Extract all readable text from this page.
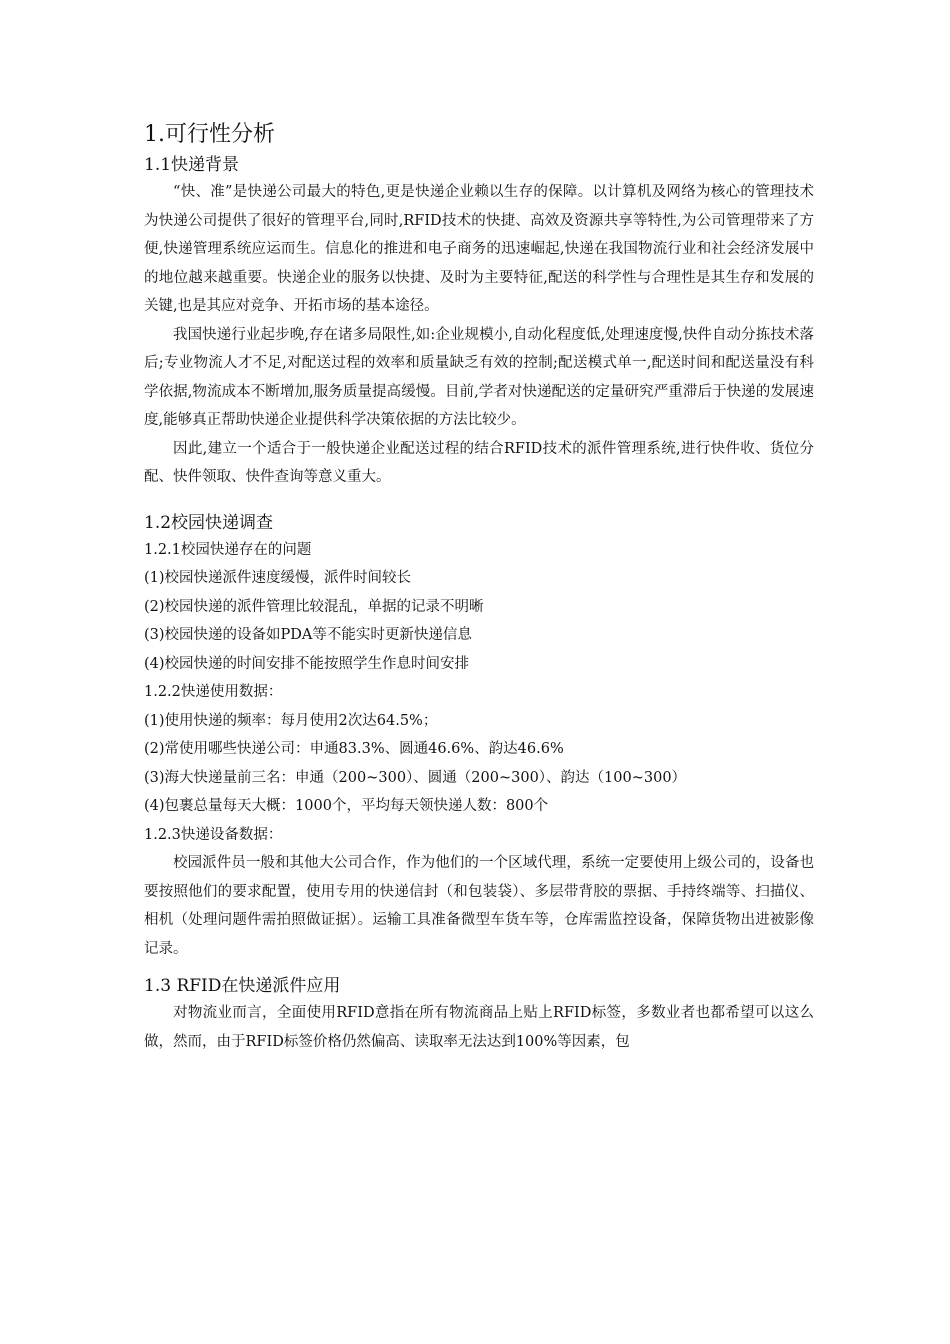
1.可行性分析
1.1快递背景

“快、准”是快递公司最大的特色,更是快递企业赖以生存的保障。以计算机及网络为核心的管理技术为快递公司提供了很好的管理平台,同时,RFID技术的快捷、高效及资源共享等特性,为公司管理带来了方便,快递管理系统应运而生。信息化的推进和电子商务的迅速崛起,快递在我国物流行业和社会经济发展中的地位越来越重要。快递企业的服务以快捷、及时为主要特征,配送的科学性与合理性是其生存和发展的关键,也是其应对竞争、开拓市场的基本途径。

我国快递行业起步晚,存在诸多局限性,如:企业规模小,自动化程度低,处理速度慢,快件自动分拣技术落后;专业物流人才不足,对配送过程的效率和质量缺乏有效的控制;配送模式单一,配送时间和配送量没有科学依据,物流成本不断增加,服务质量提高缓慢。目前,学者对快递配送的定量研究严重滞后于快递的发展速度,能够真正帮助快递企业提供科学决策依据的方法比较少。

因此,建立一个适合于一般快递企业配送过程的结合RFID技术的派件管理系统,进行快件收、货位分配、快件领取、快件查询等意义重大。

1.2校园快递调查
1.2.1校园快递存在的问题
(1)校园快递派件速度缓慢，派件时间较长
(2)校园快递的派件管理比较混乱，单据的记录不明晰
(3)校园快递的设备如PDA等不能实时更新快递信息
(4)校园快递的时间安排不能按照学生作息时间安排
1.2.2快递使用数据：
(1)使用快递的频率：每月使用2次达64.5%；
(2)常使用哪些快递公司：申通83.3%、圆通46.6%、韵达46.6%
(3)海大快递量前三名：申通（200~300）、圆通（200~300）、韵达（100~300）
(4)包裹总量每天大概：1000个，平均每天领快递人数：800个
1.2.3快递设备数据：

校园派件员一般和其他大公司合作，作为他们的一个区域代理，系统一定要使用上级公司的，设备也要按照他们的要求配置，使用专用的快递信封（和包装袋）、多层带背胶的票据、手持终端等、扫描仪、相机（处理问题件需拍照做证据）。运输工具准备微型车货车等，仓库需监控设备，保障货物出进被影像记录。

1.3 RFID在快递派件应用

对物流业而言，全面使用RFID意指在所有物流商品上贴上RFID标签，多数业者也都希望可以这么做，然而，由于RFID标签价格仍然偏高、读取率无法达到100%等因素，包
